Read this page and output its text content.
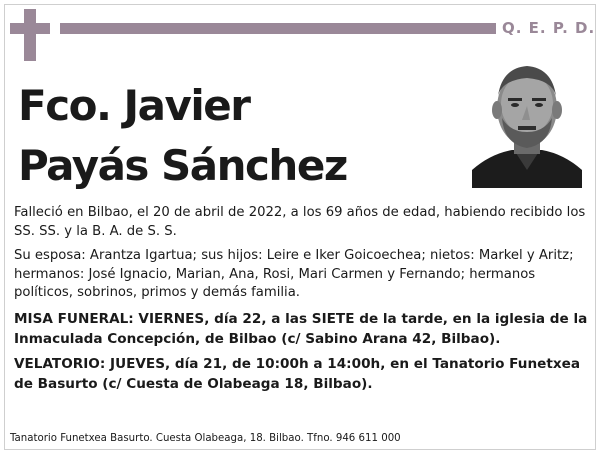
Q. E. P. D.
Fco. Javier
Payás Sánchez

Falleció en Bilbao, el 20 de abril de 2022, a los 69 años de edad, habiendo recibido los SS. SS. y la B. A. de S. S.

Su esposa: Arantza Igartua; sus hijos: Leire e Iker Goicoechea; nietos: Markel y Aritz; hermanos: José Ignacio, Marian, Ana, Rosi, Mari Carmen y Fernando; hermanos políticos, sobrinos, primos y demás familia.

MISA FUNERAL: VIERNES, día 22, a las SIETE de la tarde, en la iglesia de la Inmaculada Concepción, de Bilbao (c/ Sabino Arana 42, Bilbao).

VELATORIO: JUEVES, día 21, de 10:00h a 14:00h, en el Tanatorio Funetxea de Basurto (c/ Cuesta de Olabeaga 18, Bilbao).

Tanatorio Funetxea Basurto. Cuesta Olabeaga, 18. Bilbao. Tfno. 946 611 000
